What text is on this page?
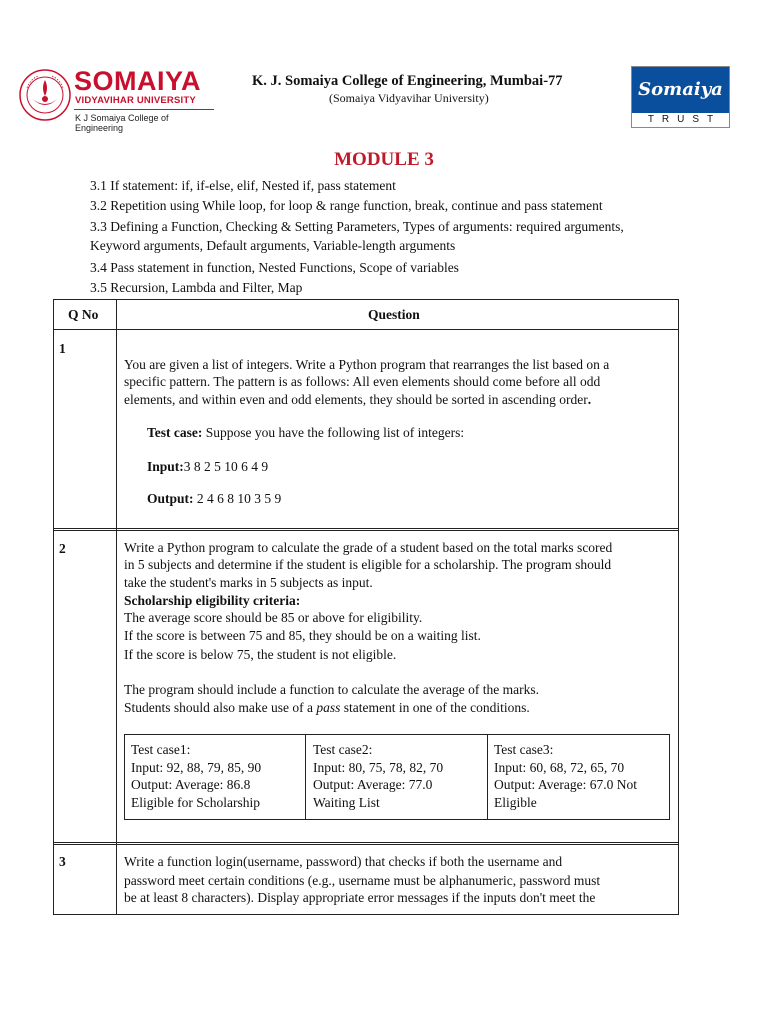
SOMAIYA
VIDYAVIHAR UNIVERSITY
K J Somaiya College of Engineering
K. J. Somaiya College of Engineering, Mumbai-77
(Somaiya Vidyavihar University)	Somaiya
TRUST
MODULE 3
3.1 If statement: if, if-else, elif, Nested if, pass statement
3.2 Repetition using While loop, for loop & range function, break, continue and pass statement
3.3 Defining a Function, Checking & Setting Parameters, Types of arguments: required arguments,
Keyword arguments, Default arguments, Variable-length arguments
3.4 Pass statement in function, Nested Functions, Scope of variables
3.5 Recursion, Lambda and Filter, Map
Q No	Question
1
You are given a list of integers. Write a Python program that rearranges the list based on a
specific pattern. The pattern is as follows: All even elements should come before all odd
elements, and within even and odd elements, they should be sorted in ascending order.
Test case: Suppose you have the following list of integers:
Input:3 8 2 5 10 6 4 9
Output: 2 4 6 8 10 3 5 9
2	Write a Python program to calculate the grade of a student based on the total marks scored
in 5 subjects and determine if the student is eligible for a scholarship. The program should
take the student's marks in 5 subjects as input.
Scholarship eligibility criteria:
The average score should be 85 or above for eligibility.
If the score is between 75 and 85, they should be on a waiting list.
If the score is below 75, the student is not eligible.
The program should include a function to calculate the average of the marks.
Students should also make use of a pass statement in one of the conditions.
Test case1:
Input: 92, 88, 79, 85, 90
Output: Average: 86.8
Eligible for Scholarship
Test case2:
Input: 80, 75, 78, 82, 70
Output: Average: 77.0
Waiting List
Test case3:
Input: 60, 68, 72, 65, 70
Output: Average: 67.0 Not
Eligible
3	Write a function login(username, password) that checks if both the username and
password meet certain conditions (e.g., username must be alphanumeric, password must
be at least 8 characters). Display appropriate error messages if the inputs don't meet the
